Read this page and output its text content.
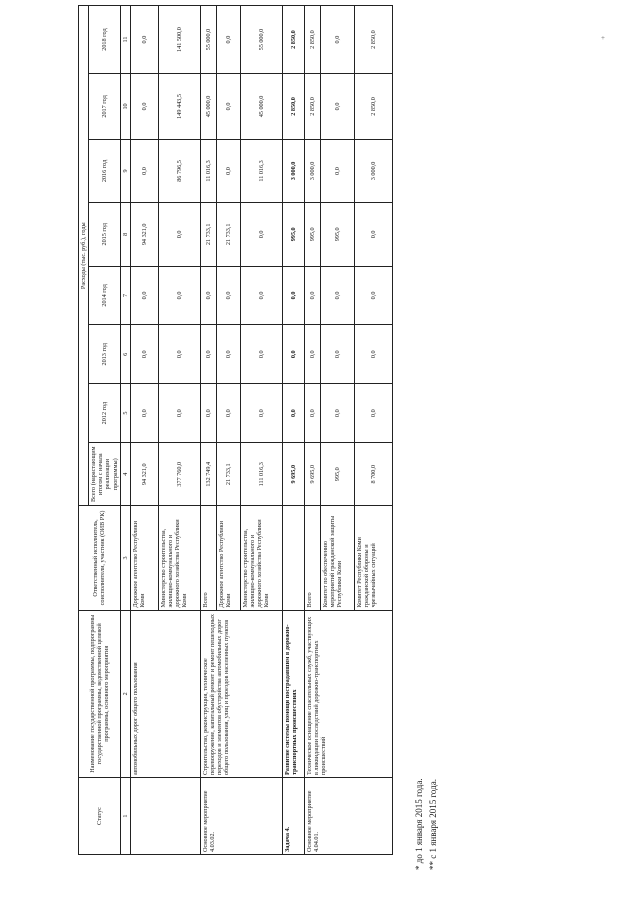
Статус	Наименование государственной программы, подпрограммы государственной программы, ведомственной целевой программы, основного мероприятия	Ответственный исполнитель, соисполнители, участник (ОИВ РК)	Расходы (тыс. руб.), годы							
			Всего (нарастающим итогом с начала реализации программы)	2012 год	2013 год	2014 год	2015 год	2016 год	2017 год	2018 год
1	2	3	4	5	6	7	8	9	10	11
	автомобильных дорог общего пользования	Дорожное агентство Республики Коми	94 321,0	0,0	0,0	0,0	94 321,0	0,0	0,0	0,0
		Министерство строительства, жилищно-коммунального и дорожного хозяйства Республики Коми	377 760,0	0,0	0,0	0,0	0,0	86 796,5	149 443,5	141 500,0
Основное мероприятие 4.03.02.	Строительство, реконструкция, техническое перевооружение, капитальный ремонт и ремонт пешеходных переходов и элементов обустройства автомобильных дорог общего пользования, улиц и проездов населенных пунктов	Всего	132 749,4	0,0	0,0	0,0	21 733,1	11 016,3	45 000,0	55 000,0
		Дорожное агентство Республики Коми	21 733,1	0,0	0,0	0,0	21 733,1	0,0	0,0	0,0
		Министерство строительства, жилищно-коммунального и дорожного хозяйства Республики Коми	111 016,3	0,0	0,0	0,0	0,0	11 016,3	45 000,0	55 000,0
Задача 4.	Развитие системы помощи пострадавшим в дорожно-транспортных происшествиях		9 695,0	0,0	0,0	0,0	995,0	3 000,0	2 850,0	2 850,0
Основное мероприятие 4.04.01.	Техническое оснащение спасательных служб, участвующих в ликвидации последствий дорожно-транспортных происшествий	Всего	9 695,0	0,0	0,0	0,0	995,0	3 000,0	2 850,0	2 850,0
		Комитет по обеспечению мероприятий гражданской защиты Республики Коми	995,0	0,0	0,0	0,0	995,0	0,0	0,0	0,0
		Комитет Республики Коми гражданской обороны и чрезвычайных ситуаций	8 700,0	0,0	0,0	0,0	0,0	3 000,0	2 850,0	2 850,0
* до 1 января 2015 года. ** с 1 января 2015 года.
+
